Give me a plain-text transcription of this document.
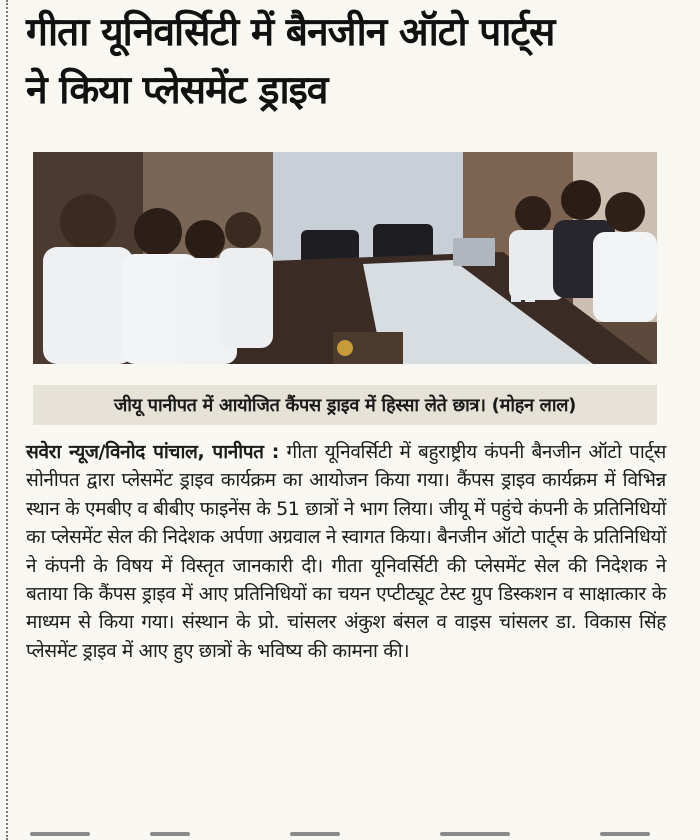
गीता यूनिवर्सिटी में बैनजीन ऑटो पार्ट्स
ने किया प्लेसमेंट ड्राइव
जीयू पानीपत में आयोजित कैंपस ड्राइव में हिस्सा लेते छात्र। (मोहन लाल)

सवेरा न्यूज/विनोद पांचाल, पानीपत : गीता यूनिवर्सिटी में बहुराष्ट्रीय कंपनी बैनजीन ऑटो पार्ट्स सोनीपत द्वारा प्लेसमेंट ड्राइव कार्यक्रम का आयोजन किया गया। कैंपस ड्राइव कार्यक्रम में विभिन्न स्थान के एमबीए व बीबीए फाइनेंस के 51 छात्रों ने भाग लिया। जीयू में पहुंचे कंपनी के प्रतिनिधियों का प्लेसमेंट सेल की निदेशक अर्पणा अग्रवाल ने स्वागत किया। बैनजीन ऑटो पार्ट्स के प्रतिनिधियों ने कंपनी के विषय में विस्तृत जानकारी दी। गीता यूनिवर्सिटी की प्लेसमेंट सेल की निदेशक ने बताया कि कैंपस ड्राइव में आए प्रतिनिधियों का चयन एप्टीट्यूट टेस्ट ग्रुप डिस्कशन व साक्षात्कार के माध्यम से किया गया। संस्थान के प्रो. चांसलर अंकुश बंसल व वाइस चांसलर डा. विकास सिंह प्लेसमेंट ड्राइव में आए हुए छात्रों के भविष्य की कामना की।
